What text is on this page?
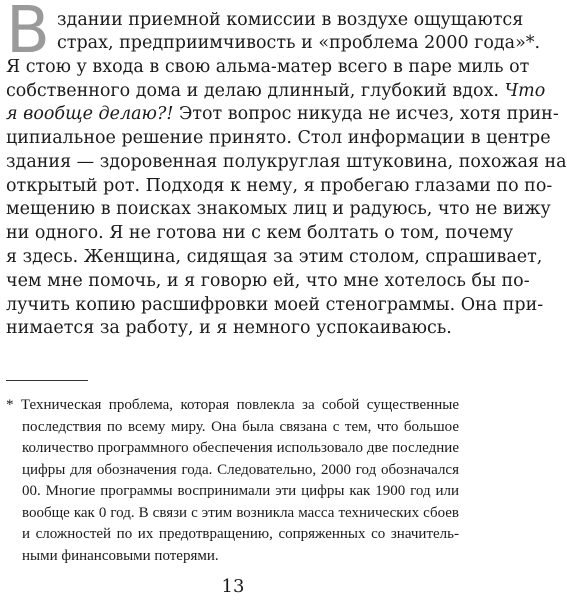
В здании приемной комиссии в воздухе ощущаются
страх, предприимчивость и «проблема 2000 года»*.
Я стою у входа в свою альма-матер всего в паре миль от
собственного дома и делаю длинный, глубокий вдох. Что
я вообще делаю?! Этот вопрос никуда не исчез, хотя прин-
ципиальное решение принято. Стол информации в центре
здания — здоровенная полукруглая штуковина, похожая на
открытый рот. Подходя к нему, я пробегаю глазами по по-
мещению в поисках знакомых лиц и радуюсь, что не вижу
ни одного. Я не готова ни с кем болтать о том, почему
я здесь. Женщина, сидящая за этим столом, спрашивает,
чем мне помочь, и я говорю ей, что мне хотелось бы по-
лучить копию расшифровки моей стенограммы. Она при-
нимается за работу, и я немного успокаиваюсь.
* Техническая проблема, которая повлекла за собой существенные
последствия по всему миру. Она была связана с тем, что большое
количество программного обеспечения использовало две последние
цифры для обозначения года. Следовательно, 2000 год обозначался
00. Многие программы воспринимали эти цифры как 1900 год или
вообще как 0 год. В связи с этим возникла масса технических сбоев
и сложностей по их предотвращению, сопряженных со значитель-
ными финансовыми потерями.
13
